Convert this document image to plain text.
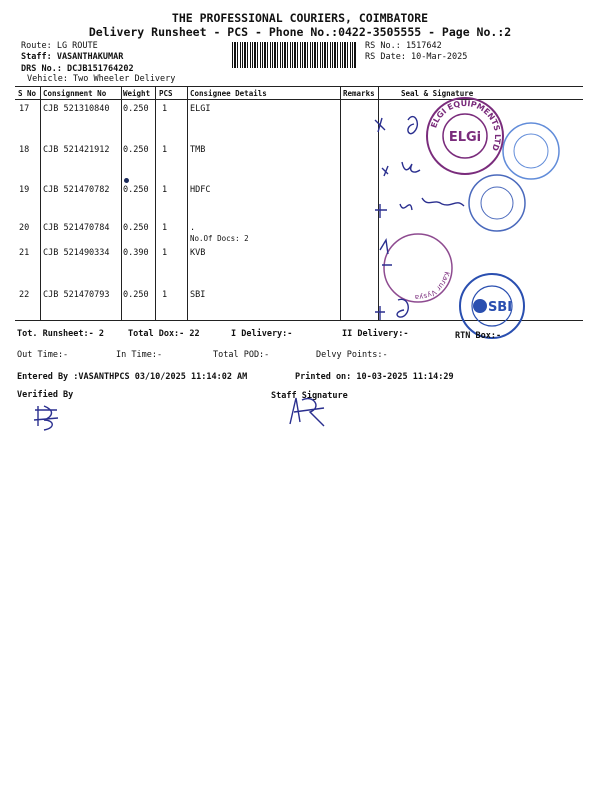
THE PROFESSIONAL COURIERS, COIMBATORE
Delivery Runsheet - PCS - Phone No.:0422-3505555 - Page No.:2
Route: LG ROUTE
Staff: VASANTHAKUMAR
DRS No.: DCJB151764202
Vehicle: Two Wheeler Delivery
RS No.: 1517642
RS Date: 10-Mar-2025
S No Consignment No Weight PCS Consignee Details	Remarks	Seal & Signature
17 CJB 521310840 0.250 1	ELGI
18 CJB 521421912 0.250 1	TMB
19 CJB 521470782 0.250 1	HDFC
20 CJB 521470784 0.250 1	.
No.Of Docs: 2
21 CJB 521490334 0.390 1	KVB
22 CJB 521470793 0.250 1	SBI
ELGI EQUIPMENTS LTD
ELGi
Karur Vysya
SBI
Tot. Runsheet:- 2	Total Dox:- 22	I Delivery:-	II Delivery:-	RTN Box:-
Out Time:-	In Time:-	Total POD:-	Delvy Points:-
Entered By :VASANTHPCS 03/10/2025 11:14:02 AM	Printed on: 10-03-2025 11:14:29
Verified By	Staff Signature
